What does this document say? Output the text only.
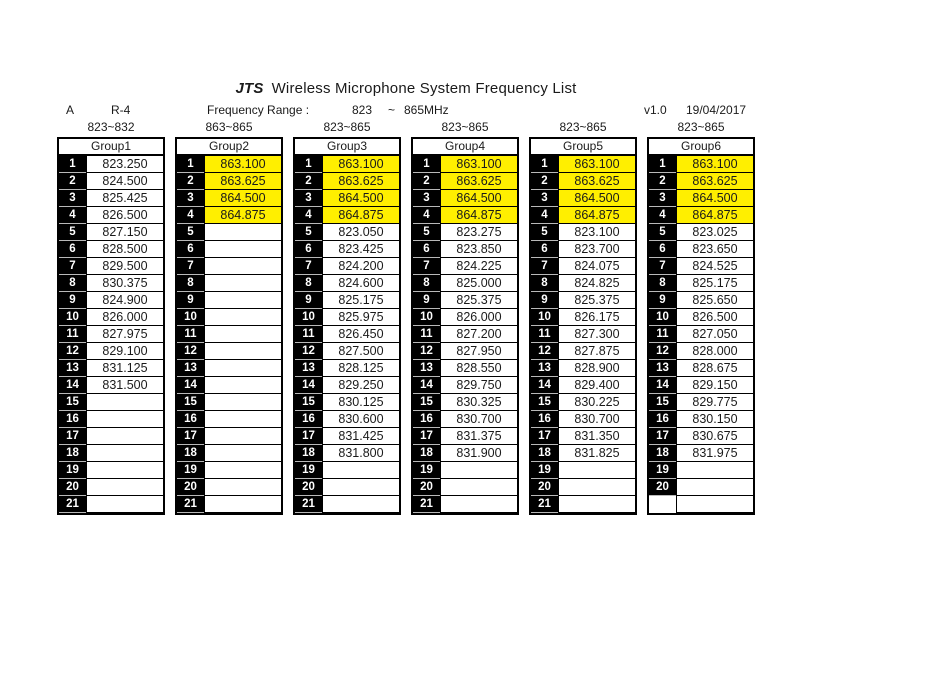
JTS Wireless Microphone System Frequency List
A	R-4	Frequency Range :	823 ~ 865MHz	v1.0 19/04/2017
823~832
Group1
1	823.250
2	824.500
3	825.425
4	826.500
5	827.150
6	828.500
7	829.500
8	830.375
9	824.900
10	826.000
11	827.975
12	829.100
13	831.125
14	831.500
15
16
17
18
19
20
21
863~865
Group2
1	863.100
2	863.625
3	864.500
4	864.875
5
6
7
8
9
10
11
12
13
14
15
16
17
18
19
20
21
823~865
Group3
1	863.100
2	863.625
3	864.500
4	864.875
5	823.050
6	823.425
7	824.200
8	824.600
9	825.175
10	825.975
11	826.450
12	827.500
13	828.125
14	829.250
15	830.125
16	830.600
17	831.425
18	831.800
19
20
21
823~865
Group4
1	863.100
2	863.625
3	864.500
4	864.875
5	823.275
6	823.850
7	824.225
8	825.000
9	825.375
10	826.000
11	827.200
12	827.950
13	828.550
14	829.750
15	830.325
16	830.700
17	831.375
18	831.900
19
20
21
823~865
Group5
1	863.100
2	863.625
3	864.500
4	864.875
5	823.100
6	823.700
7	824.075
8	824.825
9	825.375
10	826.175
11	827.300
12	827.875
13	828.900
14	829.400
15	830.225
16	830.700
17	831.350
18	831.825
19
20
21
823~865
Group6
1	863.100
2	863.625
3	864.500
4	864.875
5	823.025
6	823.650
7	824.525
8	825.175
9	825.650
10	826.500
11	827.050
12	828.000
13	828.675
14	829.150
15	829.775
16	830.150
17	830.675
18	831.975
19
20
